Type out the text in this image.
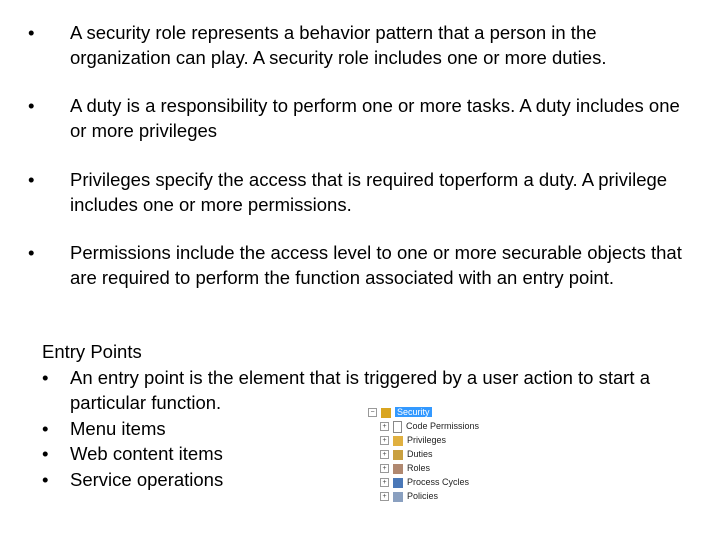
• A security role represents a behavior pattern that a person in the organization can play. A security role includes one or more duties.
• A duty is a responsibility to perform one or more tasks. A duty includes one or more privileges
• Privileges specify the access that is required toperform a duty. A privilege includes one or more permissions.
• Permissions include the access level to one or more securable objects that are required to perform the function associated with an entry point.
Entry Points
• An entry point is the element that is triggered by a user action to start a particular function.
• Menu items
• Web content items
• Service operations
− Security
+ Code Permissions
+ Privileges
+ Duties
+ Roles
+ Process Cycles
+ Policies
